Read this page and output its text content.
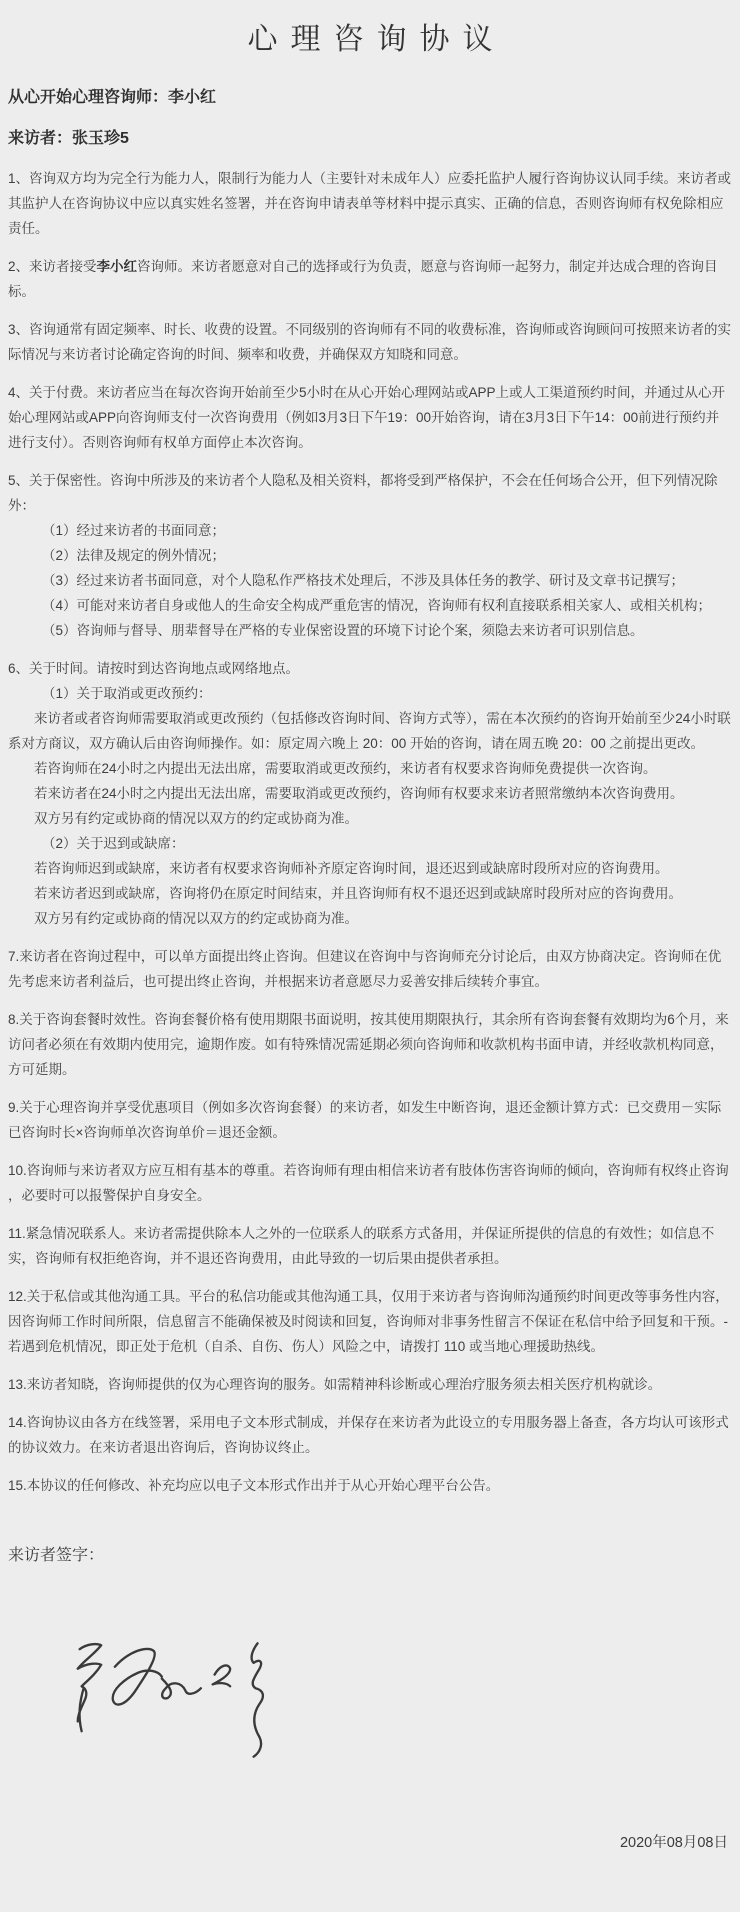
心理咨询协议

从心开始心理咨询师：李小红

来访者：张玉珍5

1、咨询双方均为完全行为能力人，限制行为能力人（主要针对未成年人）应委托监护人履行咨询协议认同手续。来访者或其监护人在咨询协议中应以真实姓名签署，并在咨询申请表单等材料中提示真实、正确的信息，否则咨询师有权免除相应责任。

2、来访者接受李小红咨询师。来访者愿意对自己的选择或行为负责，愿意与咨询师一起努力，制定并达成合理的咨询目标。

3、咨询通常有固定频率、时长、收费的设置。不同级别的咨询师有不同的收费标准，咨询师或咨询顾问可按照来访者的实际情况与来访者讨论确定咨询的时间、频率和收费，并确保双方知晓和同意。

4、关于付费。来访者应当在每次咨询开始前至少5小时在从心开始心理网站或APP上或人工渠道预约时间，并通过从心开始心理网站或APP向咨询师支付一次咨询费用（例如3月3日下午19：00开始咨询，请在3月3日下午14：00前进行预约并进行支付）。否则咨询师有权单方面停止本次咨询。

5、关于保密性。咨询中所涉及的来访者个人隐私及相关资料，都将受到严格保护，不会在任何场合公开，但下列情况除外：

（1）经过来访者的书面同意；

（2）法律及规定的例外情况；

（3）经过来访者书面同意，对个人隐私作严格技术处理后，不涉及具体任务的教学、研讨及文章书记撰写；

（4）可能对来访者自身或他人的生命安全构成严重危害的情况，咨询师有权利直接联系相关家人、或相关机构；

（5）咨询师与督导、朋辈督导在严格的专业保密设置的环境下讨论个案，须隐去来访者可识别信息。

6、关于时间。请按时到达咨询地点或网络地点。

（1）关于取消或更改预约：

来访者或者咨询师需要取消或更改预约（包括修改咨询时间、咨询方式等），需在本次预约的咨询开始前至少24小时联系对方商议，双方确认后由咨询师操作。如：原定周六晚上 20：00 开始的咨询，请在周五晚 20：00 之前提出更改。

若咨询师在24小时之内提出无法出席，需要取消或更改预约，来访者有权要求咨询师免费提供一次咨询。

若来访者在24小时之内提出无法出席，需要取消或更改预约，咨询师有权要求来访者照常缴纳本次咨询费用。

双方另有约定或协商的情况以双方的约定或协商为准。

（2）关于迟到或缺席：

若咨询师迟到或缺席，来访者有权要求咨询师补齐原定咨询时间，退还迟到或缺席时段所对应的咨询费用。

若来访者迟到或缺席，咨询将仍在原定时间结束，并且咨询师有权不退还迟到或缺席时段所对应的咨询费用。

双方另有约定或协商的情况以双方的约定或协商为准。

7.来访者在咨询过程中，可以单方面提出终止咨询。但建议在咨询中与咨询师充分讨论后，由双方协商决定。咨询师在优先考虑来访者利益后，也可提出终止咨询，并根据来访者意愿尽力妥善安排后续转介事宜。

8.关于咨询套餐时效性。咨询套餐价格有使用期限书面说明，按其使用期限执行，其余所有咨询套餐有效期均为6个月，来访问者必须在有效期内使用完，逾期作废。如有特殊情况需延期必须向咨询师和收款机构书面申请，并经收款机构同意，方可延期。

9.关于心理咨询并享受优惠项目（例如多次咨询套餐）的来访者，如发生中断咨询，退还金额计算方式：已交费用－实际已咨询时长×咨询师单次咨询单价＝退还金额。

10.咨询师与来访者双方应互相有基本的尊重。若咨询师有理由相信来访者有肢体伤害咨询师的倾向，咨询师有权终止咨询 ，必要时可以报警保护自身安全。

11.紧急情况联系人。来访者需提供除本人之外的一位联系人的联系方式备用，并保证所提供的信息的有效性；如信息不实，咨询师有权拒绝咨询，并不退还咨询费用，由此导致的一切后果由提供者承担。

12.关于私信或其他沟通工具。平台的私信功能或其他沟通工具，仅用于来访者与咨询师沟通预约时间更改等事务性内容，因咨询师工作时间所限，信息留言不能确保被及时阅读和回复，咨询师对非事务性留言不保证在私信中给予回复和干预。- 若遇到危机情况，即正处于危机（自杀、自伤、伤人）风险之中，请拨打 110 或当地心理援助热线。

13.来访者知晓，咨询师提供的仅为心理咨询的服务。如需精神科诊断或心理治疗服务须去相关医疗机构就诊。

14.咨询协议由各方在线签署，采用电子文本形式制成，并保存在来访者为此设立的专用服务器上备查，各方均认可该形式的协议效力。在来访者退出咨询后，咨询协议终止。

15.本协议的任何修改、补充均应以电子文本形式作出并于从心开始心理平台公告。

来访者签字：

2020年08月08日
